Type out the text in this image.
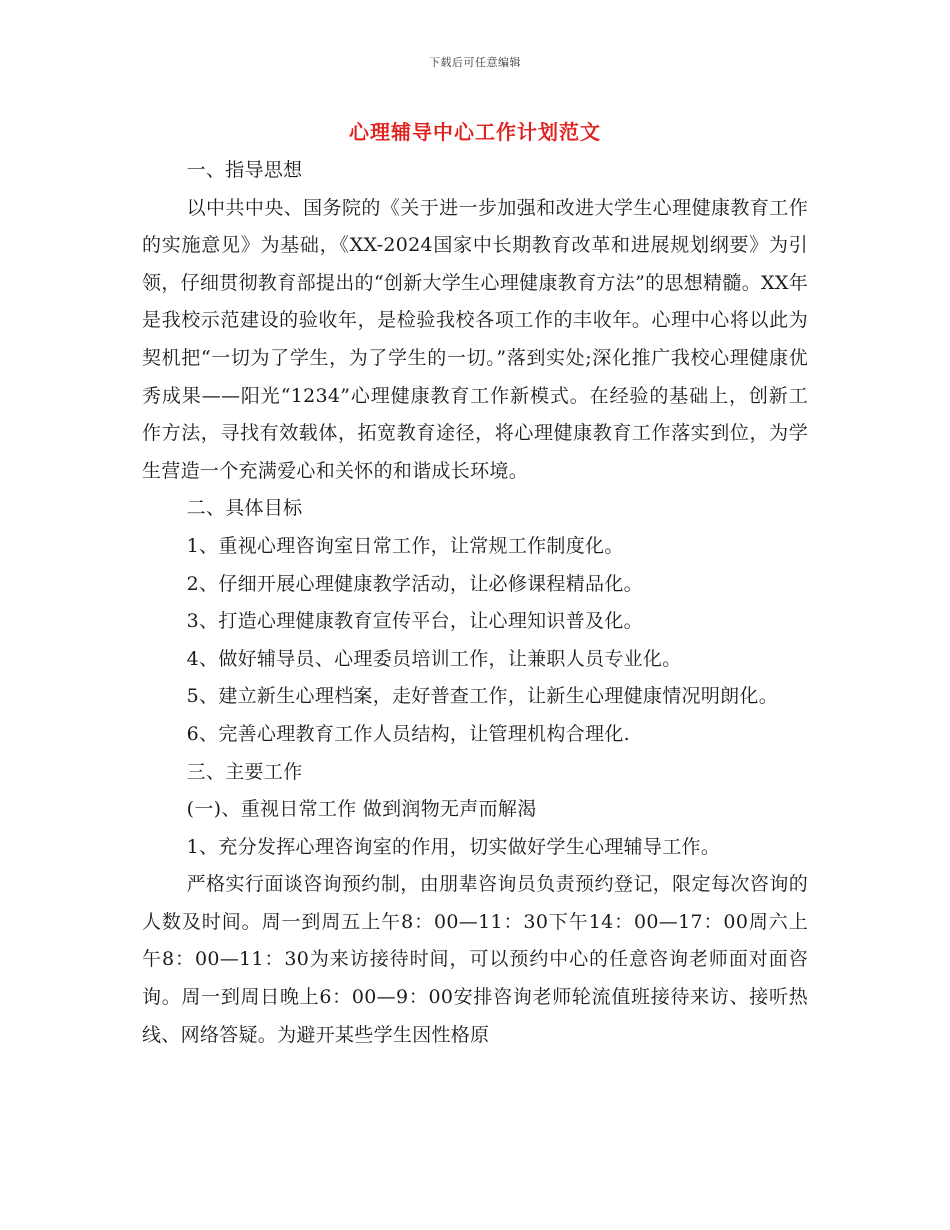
下载后可任意编辑
心理辅导中心工作计划范文

一、指导思想

以中共中央、国务院的《关于进一步加强和改进大学生心理健康教育工作的实施意见》为基础，《XX-2024国家中长期教育改革和进展规划纲要》为引领，仔细贯彻教育部提出的“创新大学生心理健康教育方法”的思想精髓。XX年是我校示范建设的验收年，是检验我校各项工作的丰收年。心理中心将以此为契机把“一切为了学生，为了学生的一切。”落到实处;深化推广我校心理健康优秀成果——阳光“1234”心理健康教育工作新模式。在经验的基础上，创新工作方法，寻找有效载体，拓宽教育途径，将心理健康教育工作落实到位，为学生营造一个充满爱心和关怀的和谐成长环境。

二、具体目标

1、重视心理咨询室日常工作，让常规工作制度化。

2、仔细开展心理健康教学活动，让必修课程精品化。

3、打造心理健康教育宣传平台，让心理知识普及化。

4、做好辅导员、心理委员培训工作，让兼职人员专业化。

5、建立新生心理档案，走好普查工作，让新生心理健康情况明朗化。

6、完善心理教育工作人员结构，让管理机构合理化.

三、主要工作

(一)、重视日常工作 做到润物无声而解渴

1、充分发挥心理咨询室的作用，切实做好学生心理辅导工作。

严格实行面谈咨询预约制，由朋辈咨询员负责预约登记，限定每次咨询的人数及时间。周一到周五上午8：00—11：30下午14：00—17：00周六上午8：00—11：30为来访接待时间，可以预约中心的任意咨询老师面对面咨询。周一到周日晚上6：00—9：00安排咨询老师轮流值班接待来访、接听热线、网络答疑。为避开某些学生因性格原
